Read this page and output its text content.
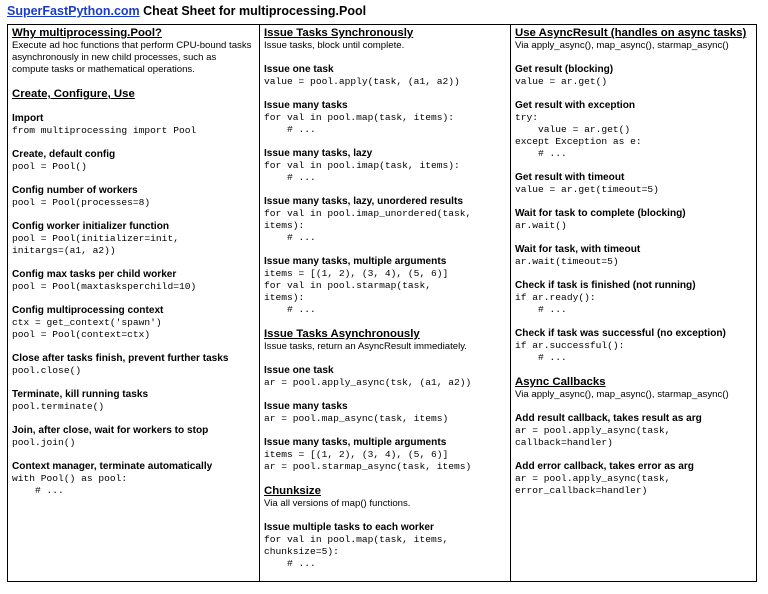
SuperFastPython.com Cheat Sheet for multiprocessing.Pool
Why multiprocessing.Pool?
Execute ad hoc functions that perform CPU-bound tasks asynchronously in new child processes, such as compute tasks or mathematical operations.
Create, Configure, Use
Import
from multiprocessing import Pool
Create, default config
pool = Pool()
Config number of workers
pool = Pool(processes=8)
Config worker initializer function
pool = Pool(initializer=init,
initargs=(a1, a2))
Config max tasks per child worker
pool = Pool(maxtasksperchild=10)
Config multiprocessing context
ctx = get_context('spawn')
pool = Pool(context=ctx)
Close after tasks finish, prevent further tasks
pool.close()
Terminate, kill running tasks
pool.terminate()
Join, after close, wait for workers to stop
pool.join()
Context manager, terminate automatically
with Pool() as pool:
# ...
Issue Tasks Synchronously
Issue tasks, block until complete.
Issue one task
value = pool.apply(task, (a1, a2))
Issue many tasks
for val in pool.map(task, items):
# ...
Issue many tasks, lazy
for val in pool.imap(task, items):
# ...
Issue many tasks, lazy, unordered results
for val in pool.imap_unordered(task,
items):
# ...
Issue many tasks, multiple arguments
items = [(1, 2), (3, 4), (5, 6)]
for val in pool.starmap(task,
items):
# ...
Issue Tasks Asynchronously
Issue tasks, return an AsyncResult immediately.
Issue one task
ar = pool.apply_async(tsk, (a1, a2))
Issue many tasks
ar = pool.map_async(task, items)
Issue many tasks, multiple arguments
items = [(1, 2), (3, 4), (5, 6)]
ar = pool.starmap_async(task, items)
Chunksize
Via all versions of map() functions.
Issue multiple tasks to each worker
for val in pool.map(task, items,
chunksize=5):
# ...
Use AsyncResult (handles on async tasks)
Via apply_async(), map_async(), starmap_async()
Get result (blocking)
value = ar.get()
Get result with exception
try:
value = ar.get()
except Exception as e:
# ...
Get result with timeout
value = ar.get(timeout=5)
Wait for task to complete (blocking)
ar.wait()
Wait for task, with timeout
ar.wait(timeout=5)
Check if task is finished (not running)
if ar.ready():
# ...
Check if task was successful (no exception)
if ar.successful():
# ...
Async Callbacks
Via apply_async(), map_async(), starmap_async()
Add result callback, takes result as arg
ar = pool.apply_async(task,
callback=handler)
Add error callback, takes error as arg
ar = pool.apply_async(task,
error_callback=handler)
